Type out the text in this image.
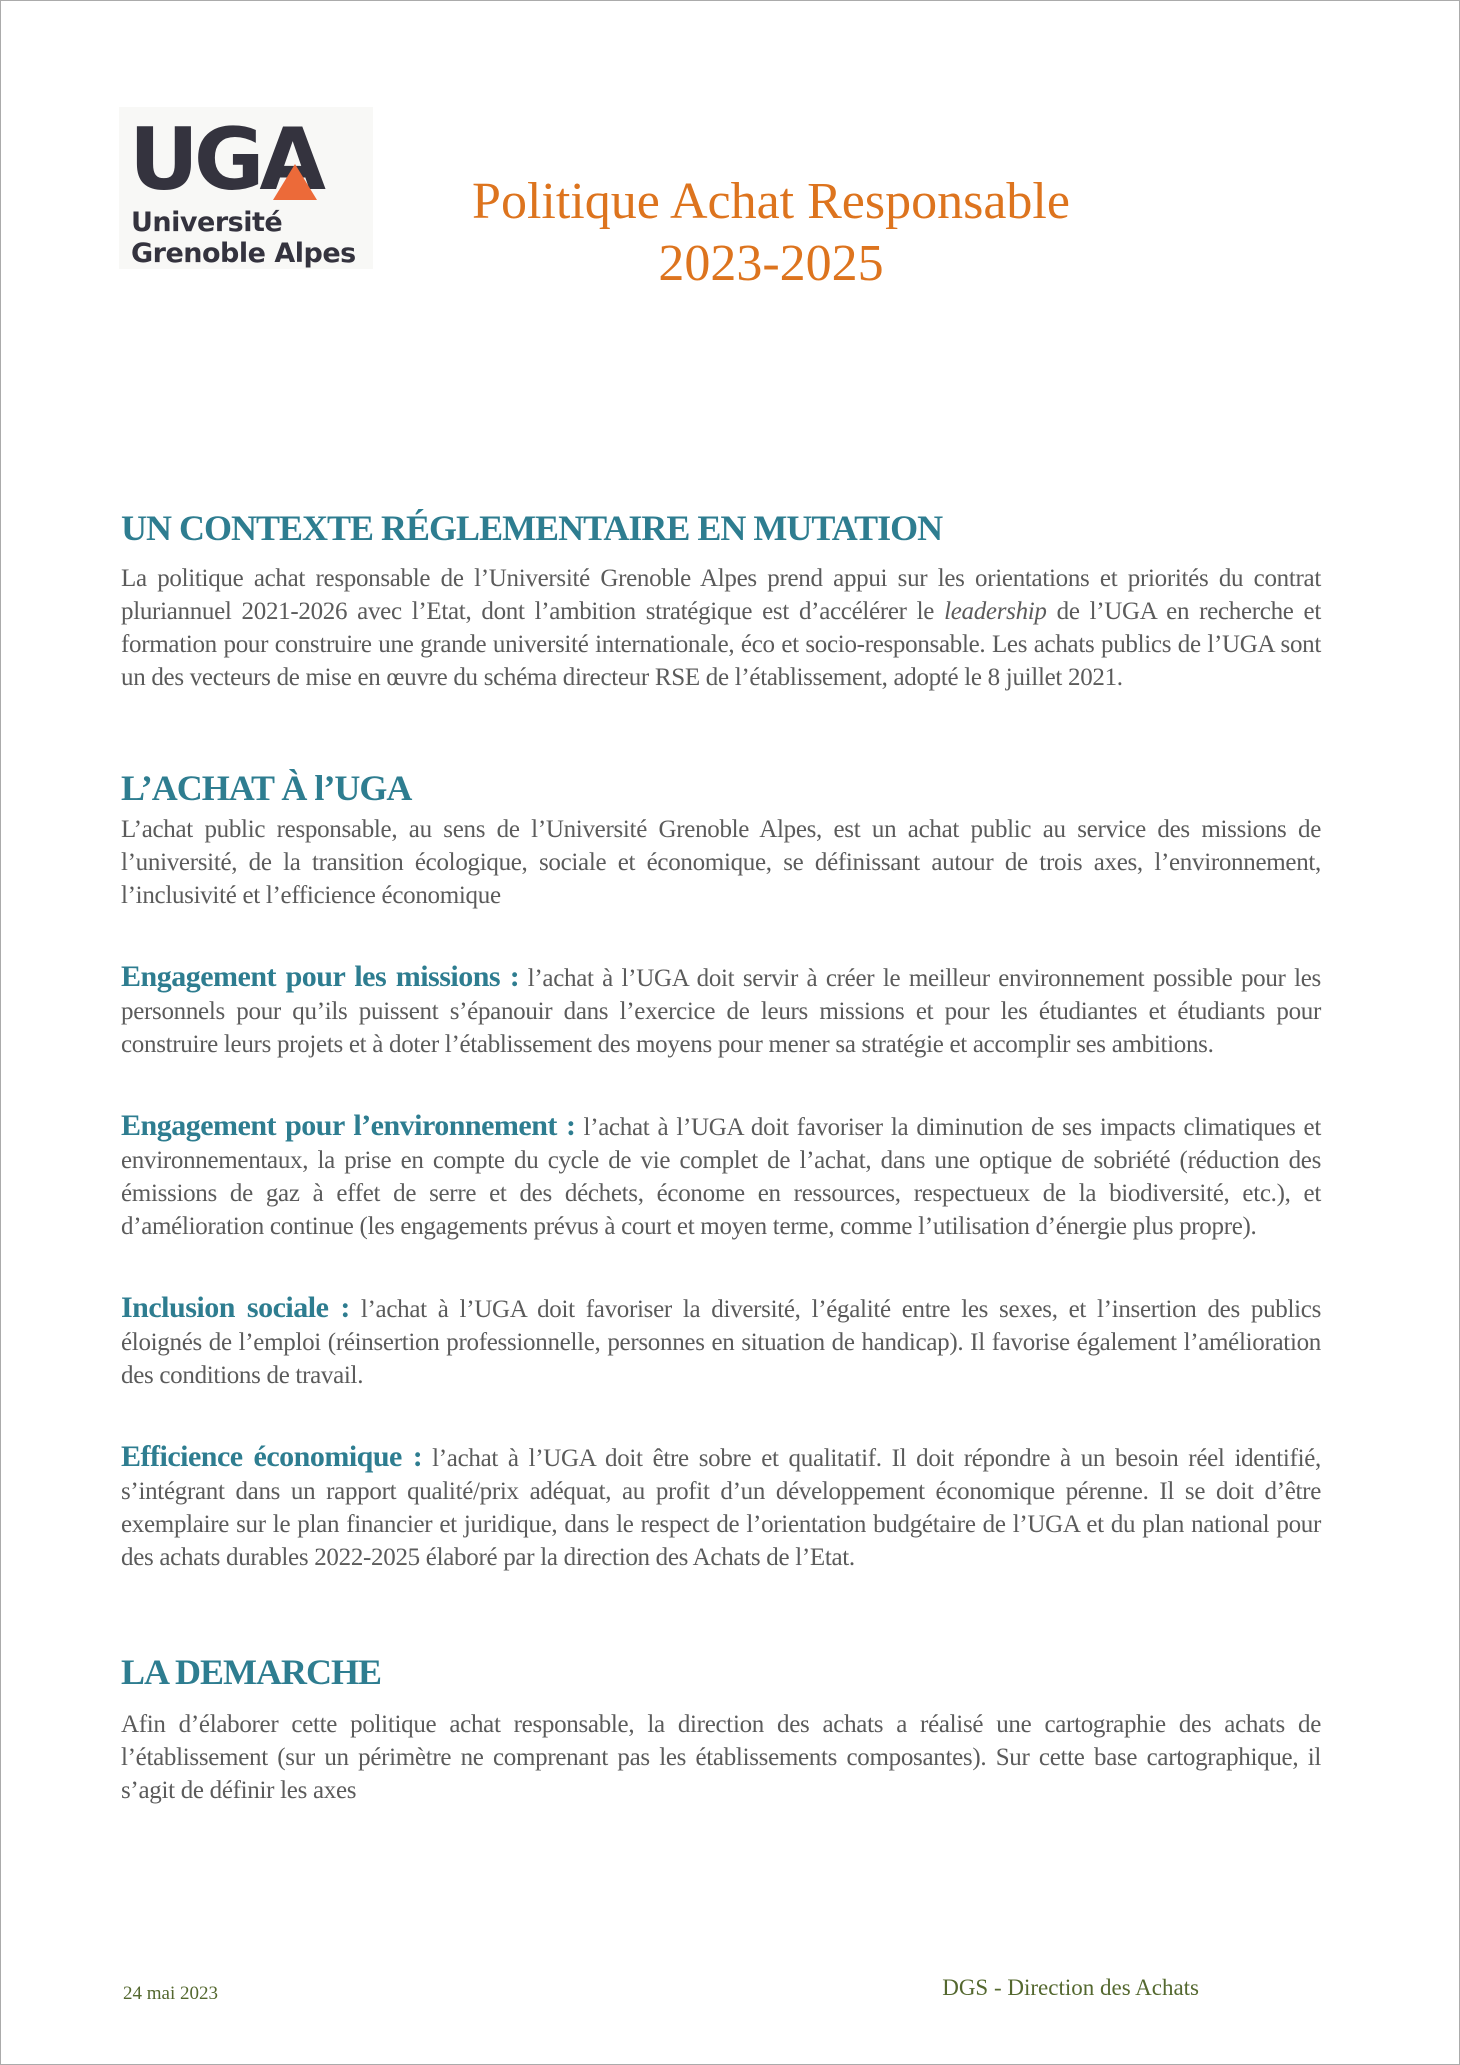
UGA
Université
Grenoble Alpes
Politique Achat Responsable
2023-2025
UN CONTEXTE RÉGLEMENTAIRE EN MUTATION

La politique achat responsable de l’Université Grenoble Alpes prend appui sur les orientations et priorités du contrat pluriannuel 2021-2026 avec l’Etat, dont l’ambition stratégique est d’accélérer le leadership de l’UGA en recherche et formation pour construire une grande université internationale, éco et socio-responsable. Les achats publics de l’UGA sont un des vecteurs de mise en œuvre du schéma directeur RSE de l’établissement, adopté le 8 juillet 2021.

L’ACHAT À l’UGA

L’achat public responsable, au sens de l’Université Grenoble Alpes, est un achat public au service des missions de l’université, de la transition écologique, sociale et économique, se définissant autour de trois axes, l’environnement, l’inclusivité et l’efficience économique

Engagement pour les missions : l’achat à l’UGA doit servir à créer le meilleur environnement possible pour les personnels pour qu’ils puissent s’épanouir dans l’exercice de leurs missions et pour les étudiantes et étudiants pour construire leurs projets et à doter l’établissement des moyens pour mener sa stratégie et accomplir ses ambitions.

Engagement pour l’environnement : l’achat à l’UGA doit favoriser la diminution de ses impacts climatiques et environnementaux, la prise en compte du cycle de vie complet de l’achat, dans une optique de sobriété (réduction des émissions de gaz à effet de serre et des déchets, économe en ressources, respectueux de la biodiversité, etc.), et d’amélioration continue (les engagements prévus à court et moyen terme, comme l’utilisation d’énergie plus propre).

Inclusion sociale : l’achat à l’UGA doit favoriser la diversité, l’égalité entre les sexes, et l’insertion des publics éloignés de l’emploi (réinsertion professionnelle, personnes en situation de handicap). Il favorise également l’amélioration des conditions de travail.

Efficience économique : l’achat à l’UGA doit être sobre et qualitatif. Il doit répondre à un besoin réel identifié, s’intégrant dans un rapport qualité/prix adéquat, au profit d’un développement économique pérenne. Il se doit d’être exemplaire sur le plan financier et juridique, dans le respect de l’orientation budgétaire de l’UGA et du plan national pour des achats durables 2022-2025 élaboré par la direction des Achats de l’Etat.

LA DEMARCHE

Afin d’élaborer cette politique achat responsable, la direction des achats a réalisé une cartographie des achats de l’établissement (sur un périmètre ne comprenant pas les établissements composantes). Sur cette base cartographique, il s’agit de définir les axes

24 mai 2023	DGS - Direction des Achats
